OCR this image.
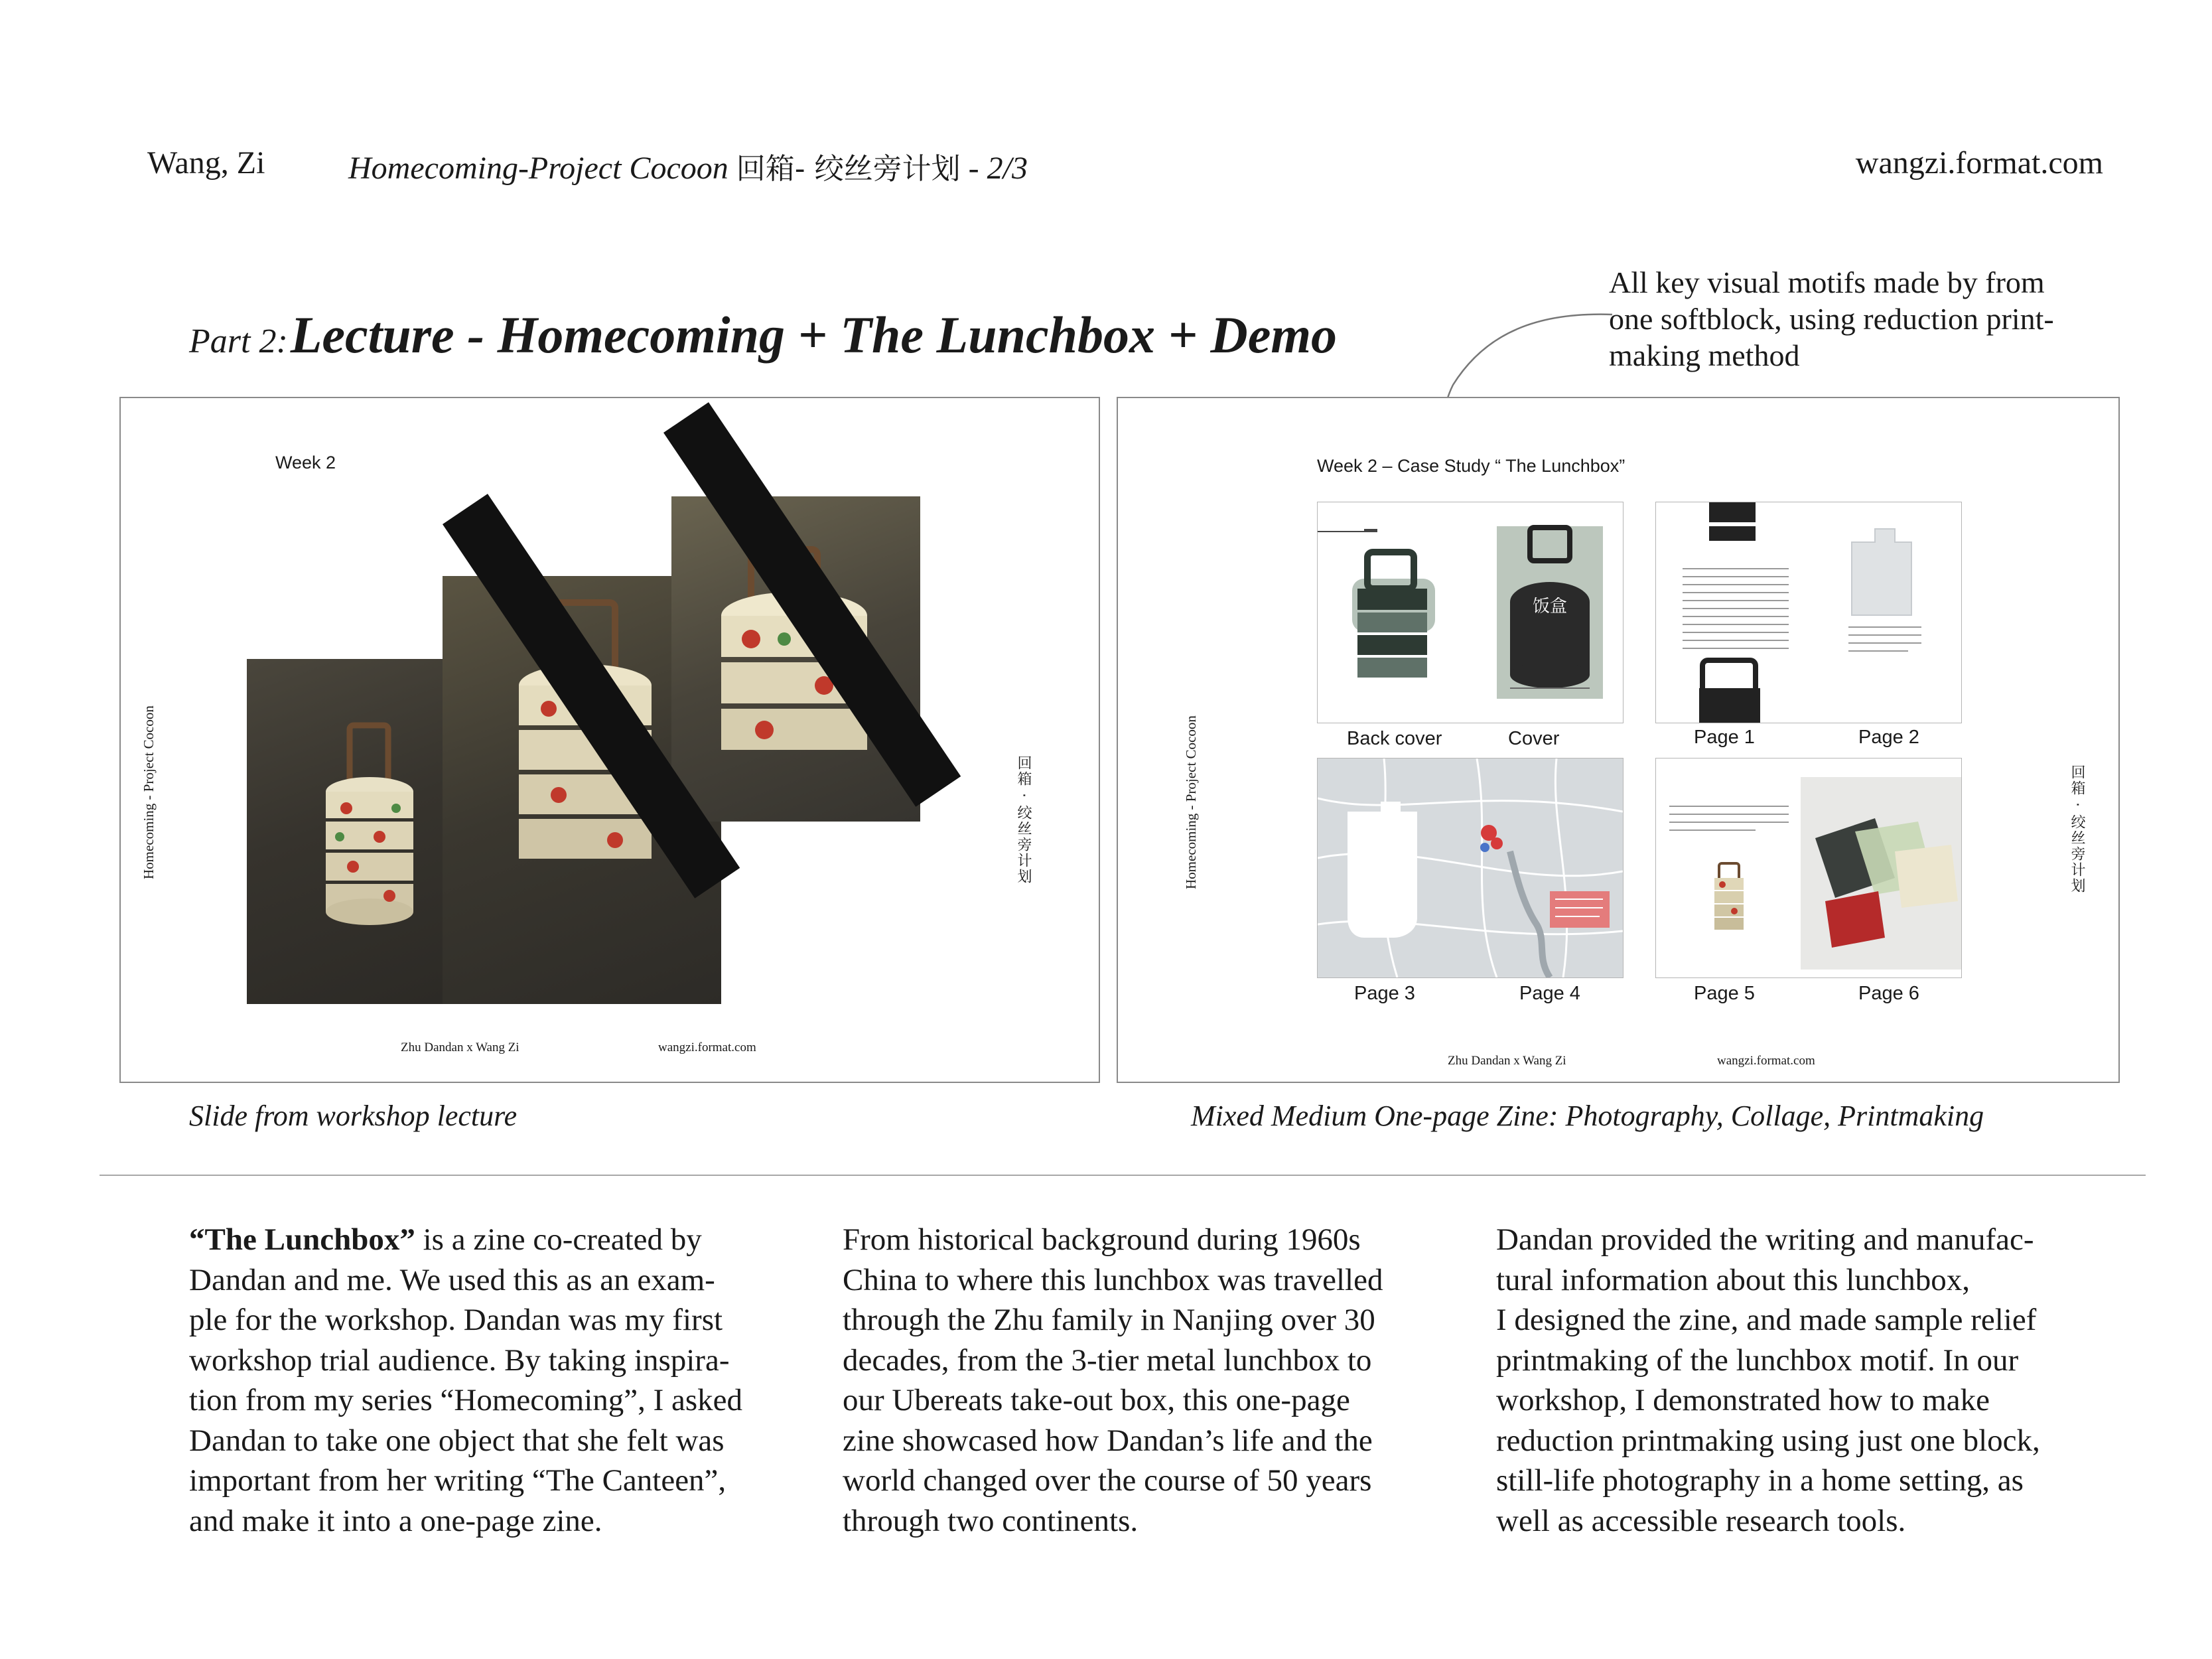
Wang, Zi	Homecoming-Project Cocoon 回箱- 绞丝旁计划 - 2/3	wangzi.format.com
Part 2: Lecture - Homecoming + The Lunchbox + Demo
All key visual motifs made by from
one softblock, using reduction print-
making method
Week 2
Homecoming - Project Cocoon	回箱 · 绞丝旁计划
Zhu Dandan x Wang Zi	wangzi.format.com
Week 2 – Case Study “ The Lunchbox”
饭盒
Back cover	Cover	Page 1	Page 2
Page 3	Page 4	Page 5	Page 6
Homecoming - Project Cocoon	回箱 · 绞丝旁计划
Zhu Dandan x Wang Zi	wangzi.format.com
Slide from workshop lecture	Mixed Medium One-page Zine: Photography, Collage, Printmaking
“The Lunchbox” is a zine co-created by
Dandan and me. We used this as an exam-
ple for the workshop. Dandan was my first
workshop trial audience. By taking inspira-
tion from my series “Homecoming”, I asked
Dandan to take one object that she felt was
important from her writing “The Canteen”,
and make it into a one-page zine.
From historical background during 1960s
China to where this lunchbox was travelled
through the Zhu family in Nanjing over 30
decades, from the 3-tier metal lunchbox to
our Ubereats take-out box, this one-page
zine showcased how Dandan’s life and the
world changed over the course of 50 years
through two continents.
Dandan provided the writing and manufac-
tural information about this lunchbox,
I designed the zine, and made sample relief
printmaking of the lunchbox motif. In our
workshop, I demonstrated how to make
reduction printmaking using just one block,
still-life photography in a home setting, as
well as accessible research tools.
